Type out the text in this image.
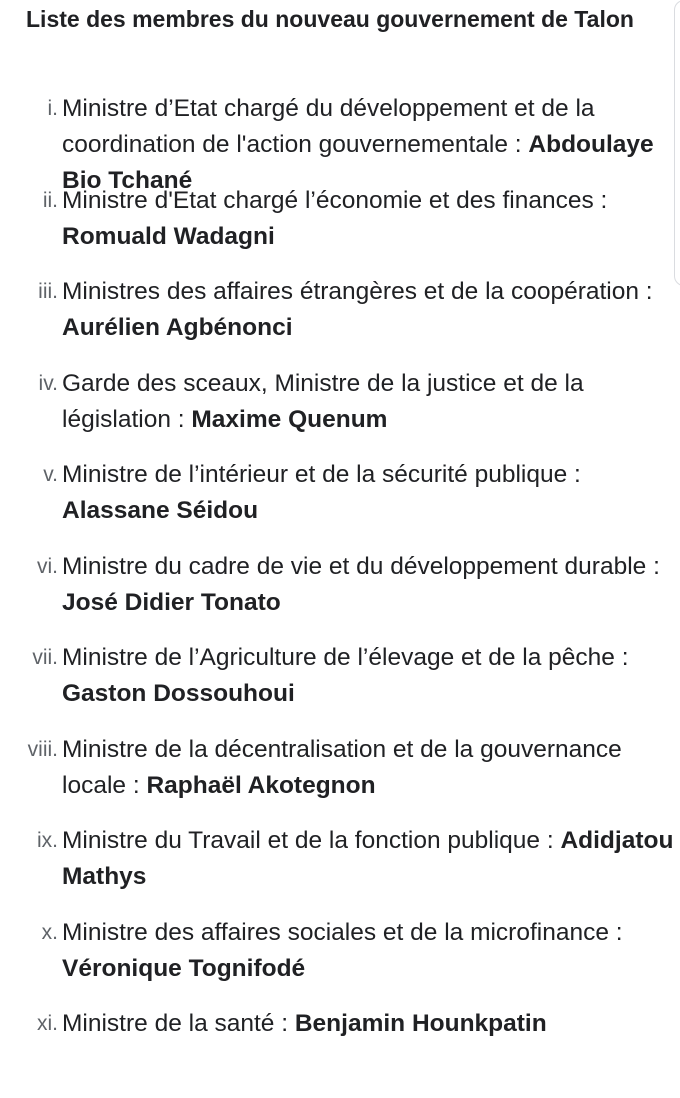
Liste des membres du nouveau gouvernement de Talon
i. Ministre d’Etat chargé du développement et de la coordination de l'action gouvernementale : Abdoulaye Bio Tchané
ii. Ministre d'Etat chargé l’économie et des finances : Romuald Wadagni
iii. Ministres des affaires étrangères et de la coopération : Aurélien Agbénonci
iv. Garde des sceaux, Ministre de la justice et de la législation : Maxime Quenum
v. Ministre de l’intérieur et de la sécurité publique : Alassane Séidou
vi. Ministre du cadre de vie et du développement durable : José Didier Tonato
vii. Ministre de l’Agriculture de l’élevage et de la pêche : Gaston Dossouhoui
viii. Ministre de la décentralisation et de la gouvernance locale : Raphaël Akotegnon
ix. Ministre du Travail et de la fonction publique : Adidjatou Mathys
x. Ministre des affaires sociales et de la microfinance : Véronique Tognifodé
xi. Ministre de la santé : Benjamin Hounkpatin
